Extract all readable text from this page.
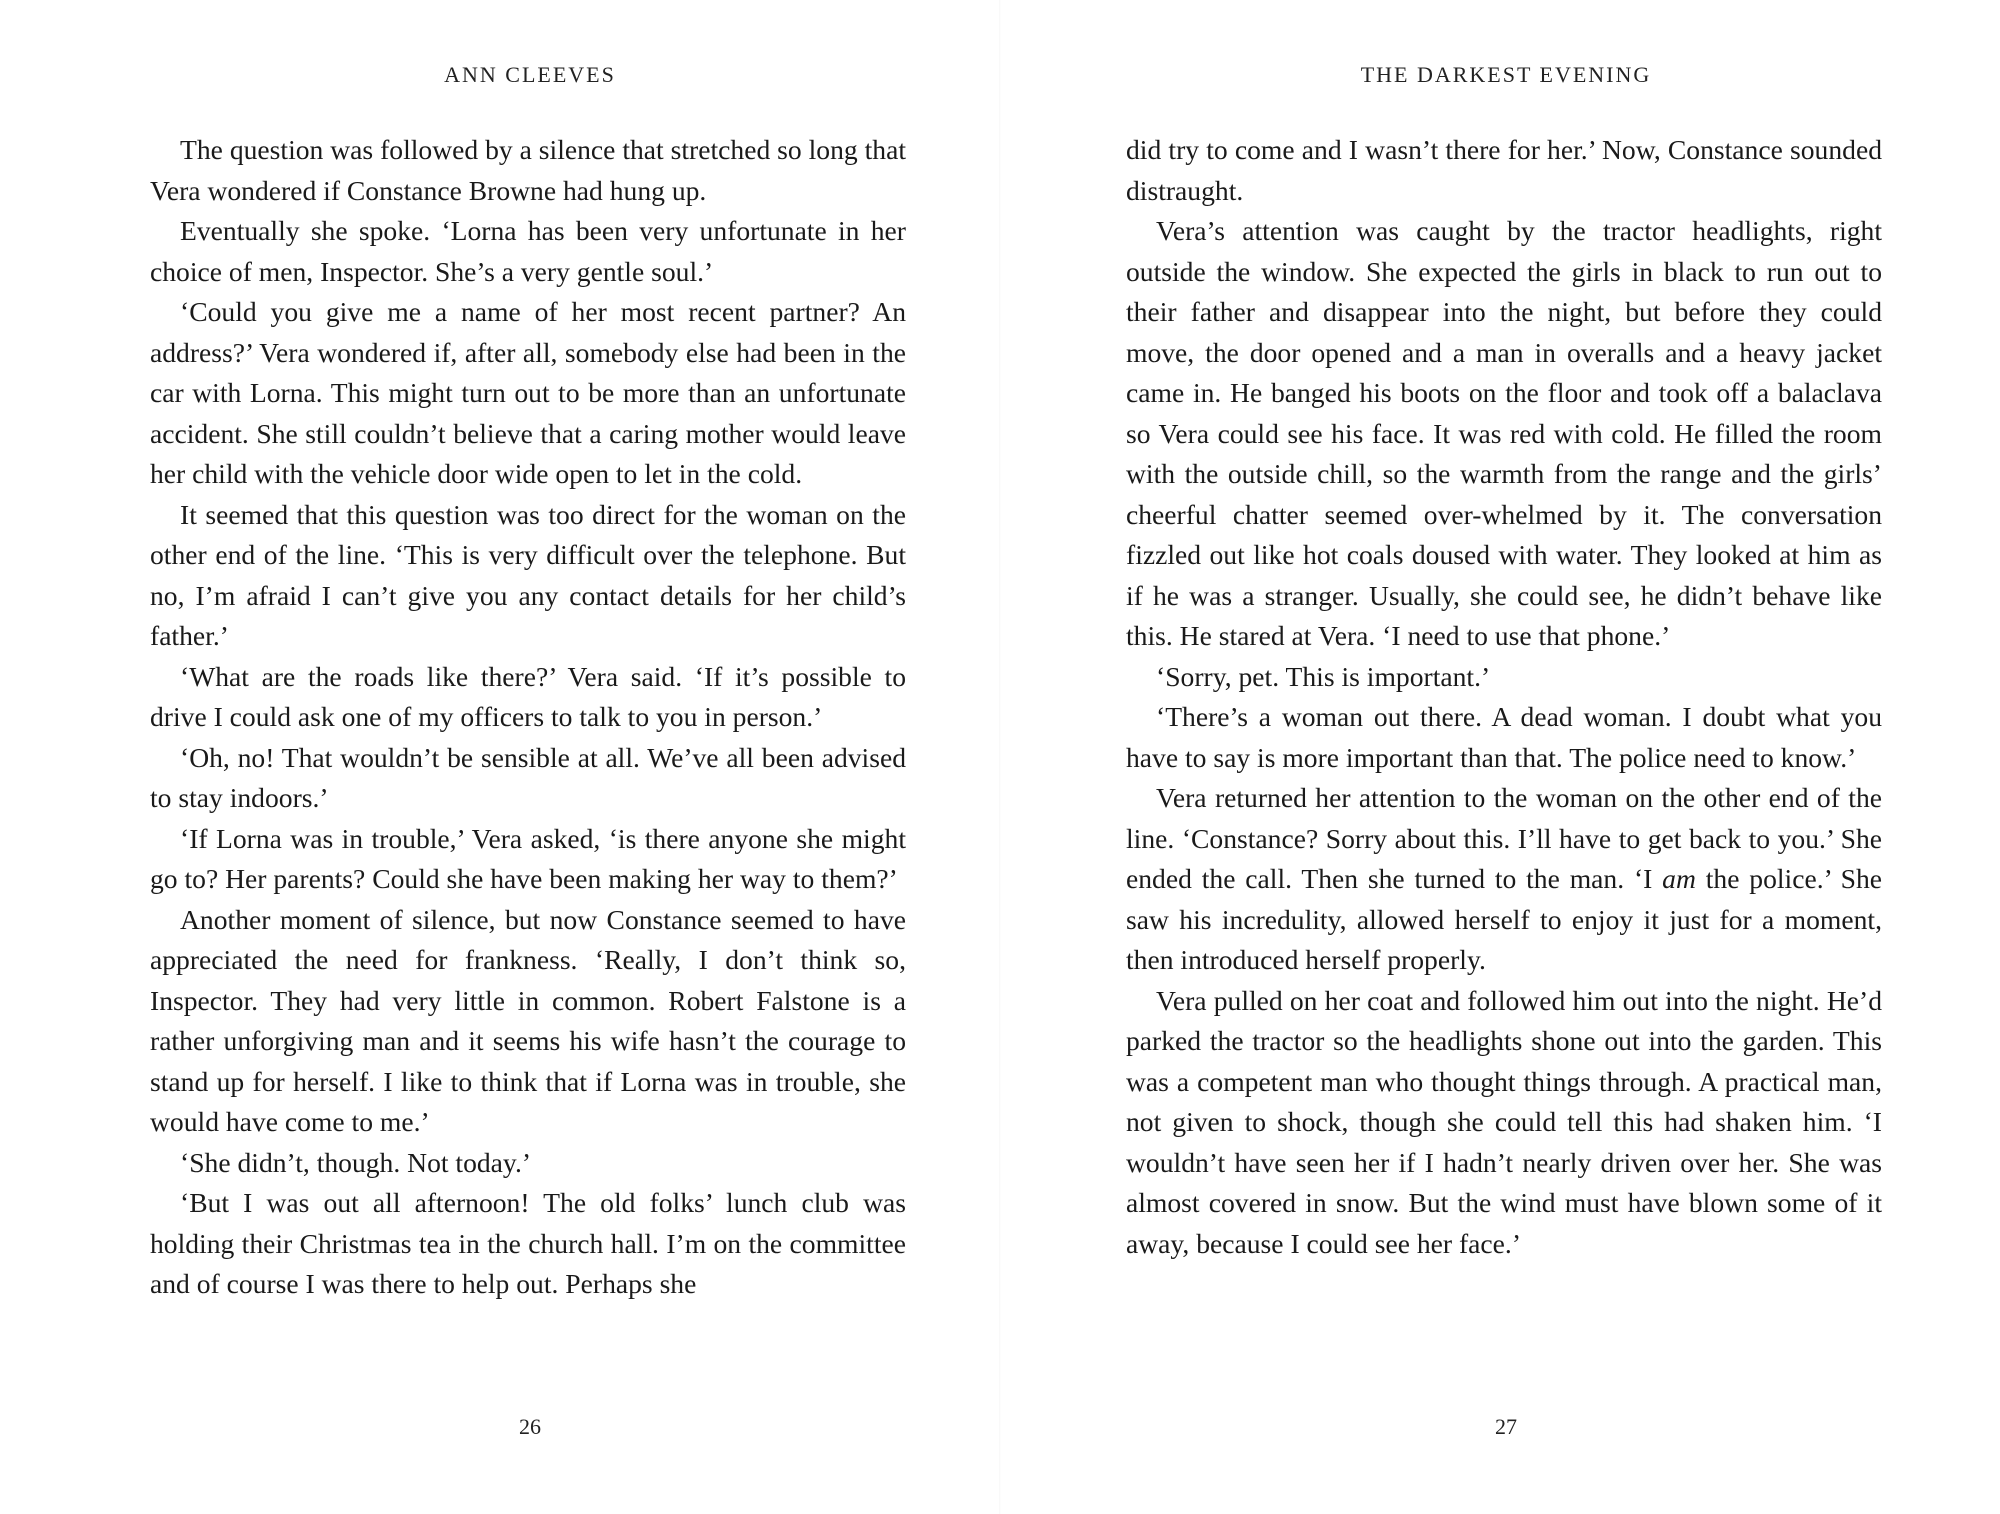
ANN CLEEVES

The question was followed by a silence that stretched so long that Vera wondered if Constance Browne had hung up.

Eventually she spoke. ‘Lorna has been very unfortunate in her choice of men, Inspector. She’s a very gentle soul.’

‘Could you give me a name of her most recent partner? An address?’ Vera wondered if, after all, somebody else had been in the car with Lorna. This might turn out to be more than an unfortunate accident. She still couldn’t believe that a caring mother would leave her child with the vehicle door wide open to let in the cold.

It seemed that this question was too direct for the woman on the other end of the line. ‘This is very difficult over the telephone. But no, I’m afraid I can’t give you any contact details for her child’s father.’

‘What are the roads like there?’ Vera said. ‘If it’s possible to drive I could ask one of my officers to talk to you in person.’

‘Oh, no! That wouldn’t be sensible at all. We’ve all been advised to stay indoors.’

‘If Lorna was in trouble,’ Vera asked, ‘is there anyone she might go to? Her parents? Could she have been making her way to them?’

Another moment of silence, but now Constance seemed to have appreciated the need for frankness. ‘Really, I don’t think so, Inspector. They had very little in common. Robert Falstone is a rather unforgiving man and it seems his wife hasn’t the courage to stand up for herself. I like to think that if Lorna was in trouble, she would have come to me.’

‘She didn’t, though. Not today.’

‘But I was out all afternoon! The old folks’ lunch club was holding their Christmas tea in the church hall. I’m on the committee and of course I was there to help out. Perhaps she

26
THE DARKEST EVENING

did try to come and I wasn’t there for her.’ Now, Constance sounded distraught.

Vera’s attention was caught by the tractor headlights, right outside the window. She expected the girls in black to run out to their father and disappear into the night, but before they could move, the door opened and a man in overalls and a heavy jacket came in. He banged his boots on the floor and took off a balaclava so Vera could see his face. It was red with cold. He filled the room with the outside chill, so the warmth from the range and the girls’ cheerful chatter seemed over-whelmed by it. The conversation fizzled out like hot coals doused with water. They looked at him as if he was a stranger. Usually, she could see, he didn’t behave like this. He stared at Vera. ‘I need to use that phone.’

‘Sorry, pet. This is important.’

‘There’s a woman out there. A dead woman. I doubt what you have to say is more important than that. The police need to know.’

Vera returned her attention to the woman on the other end of the line. ‘Constance? Sorry about this. I’ll have to get back to you.’ She ended the call. Then she turned to the man. ‘I am the police.’ She saw his incredulity, allowed herself to enjoy it just for a moment, then introduced herself properly.

Vera pulled on her coat and followed him out into the night. He’d parked the tractor so the headlights shone out into the garden. This was a competent man who thought things through. A practical man, not given to shock, though she could tell this had shaken him. ‘I wouldn’t have seen her if I hadn’t nearly driven over her. She was almost covered in snow. But the wind must have blown some of it away, because I could see her face.’

27
